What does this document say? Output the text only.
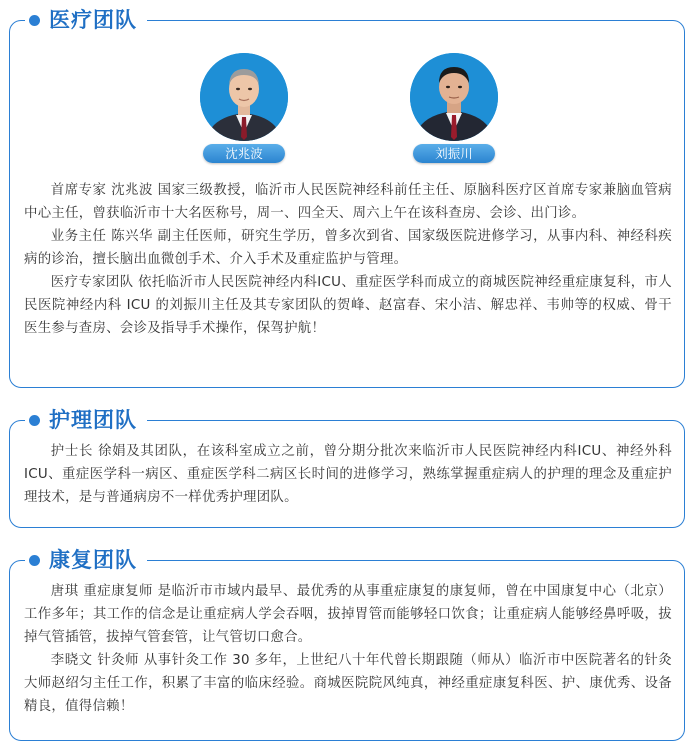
医疗团队
沈兆波	刘振川

首席专家 沈兆波 国家三级教授，临沂市人民医院神经科前任主任、原脑科医疗区首席专家兼脑血管病中心主任，曾获临沂市十大名医称号，周一、四全天、周六上午在该科查房、会诊、出门诊。

业务主任 陈兴华 副主任医师，研究生学历，曾多次到省、国家级医院进修学习，从事内科、神经科疾病的诊治，擅长脑出血微创手术、介入手术及重症监护与管理。

医疗专家团队 依托临沂市人民医院神经内科ICU、重症医学科而成立的商城医院神经重症康复科，市人民医院神经内科 ICU 的刘振川主任及其专家团队的贺峰、赵富春、宋小洁、解忠祥、韦帅等的权威、骨干医生参与查房、会诊及指导手术操作，保驾护航！

护理团队

护士长 徐娟及其团队，在该科室成立之前，曾分期分批次来临沂市人民医院神经内科ICU、神经外科 ICU、重症医学科一病区、重症医学科二病区长时间的进修学习，熟练掌握重症病人的护理的理念及重症护理技术，是与普通病房不一样优秀护理团队。

康复团队

唐琪 重症康复师 是临沂市市域内最早、最优秀的从事重症康复的康复师，曾在中国康复中心（北京）工作多年；其工作的信念是让重症病人学会吞咽，拔掉胃管而能够轻口饮食；让重症病人能够经鼻呼吸，拔掉气管插管，拔掉气管套管，让气管切口愈合。

李晓文 针灸师 从事针灸工作 30 多年，上世纪八十年代曾长期跟随（师从）临沂市中医院著名的针灸大师赵绍匀主任工作，积累了丰富的临床经验。商城医院院风纯真，神经重症康复科医、护、康优秀、设备精良，值得信赖！
